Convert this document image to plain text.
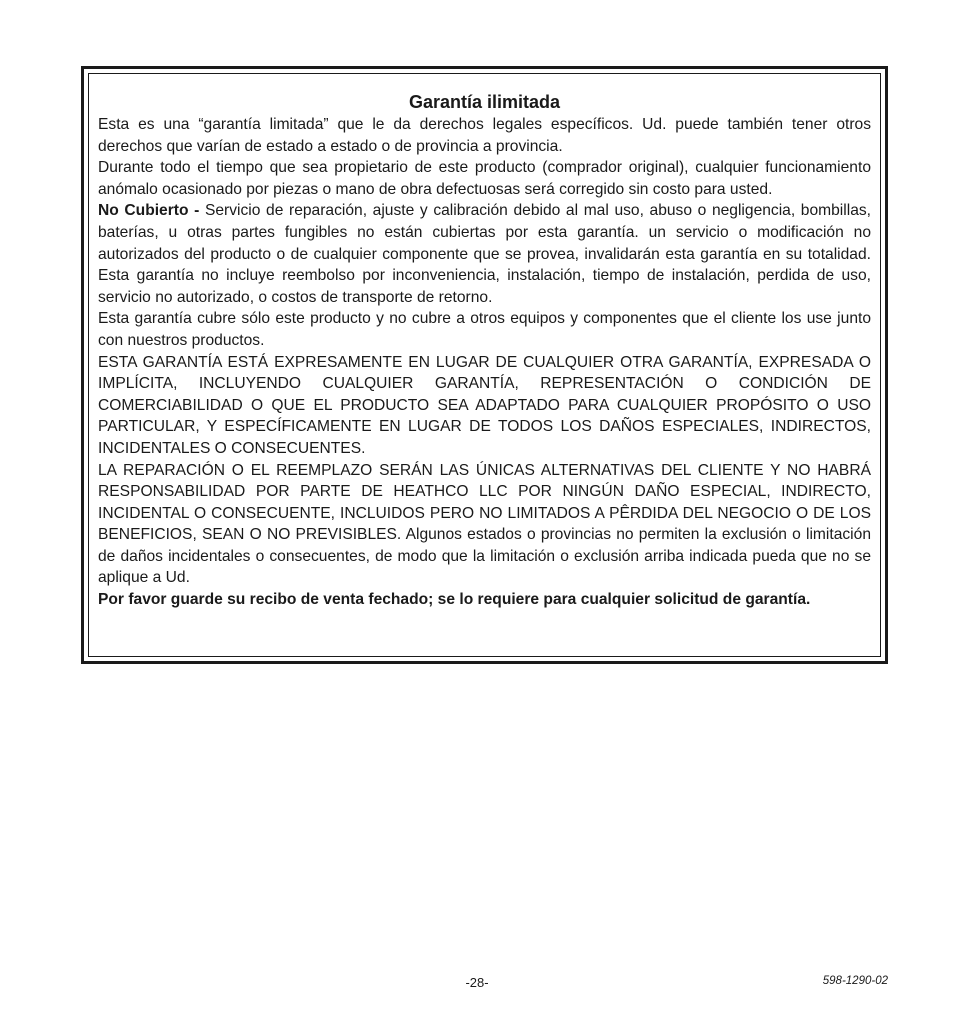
Garantía ilimitada

Esta es una “garantía limitada” que le da derechos legales específicos. Ud. puede también tener otros derechos que varían de estado a estado o de provincia a provincia.

Durante todo el tiempo que sea propietario de este producto (comprador original), cualquier funcionamiento anómalo ocasionado por piezas o mano de obra defectuosas será corregido sin costo para usted.

No Cubierto - Servicio de reparación, ajuste y calibración debido al mal uso, abuso o negligencia, bombillas, baterías, u otras partes fungibles no están cubiertas por esta garantía. un servicio o modificación no autorizados del producto o de cualquier componente que se provea, invalidarán esta garantía en su totalidad. Esta garantía no incluye reembolso por inconveniencia, instalación, tiempo de instalación, perdida de uso, servicio no autorizado, o costos de transporte de retorno.

Esta garantía cubre sólo este producto y no cubre a otros equipos y componentes que el cliente los use junto con nuestros productos.

ESTA GARANTÍA ESTÁ EXPRESAMENTE EN LUGAR DE CUALQUIER OTRA GARANTÍA, EXPRESADA O IMPLÍCITA, INCLUYENDO CUALQUIER GARANTÍA, REPRESENTACIÓN O CONDICIÓN DE COMERCIABILIDAD O QUE EL PRODUCTO SEA ADAPTADO PARA CUALQUIER PROPÓSITO O USO PARTICULAR, Y ESPECÍFICAMENTE EN LUGAR DE TODOS LOS DAÑOS ESPECIALES, INDIRECTOS, INCIDENTALES O CONSECUENTES.

LA REPARACIÓN O EL REEMPLAZO SERÁN LAS ÚNICAS ALTERNATIVAS DEL CLIENTE Y NO HABRÁ RESPONSABILIDAD POR PARTE DE HEATHCO LLC POR NINGÚN DAÑO ESPECIAL, INDIRECTO, INCIDENTAL O CONSECUENTE, INCLUIDOS PERO NO LIMITADOS A PÊRDIDA DEL NEGOCIO O DE LOS BENEFICIOS, SEAN O NO PREVISIBLES. Algunos estados o provincias no permiten la exclusión o limitación de daños incidentales o consecuentes, de modo que la limitación o exclusión arriba indicada pueda que no se aplique a Ud.

Por favor guarde su recibo de venta fechado; se lo requiere para cualquier solicitud de garantía.

-28-	598-1290-02
